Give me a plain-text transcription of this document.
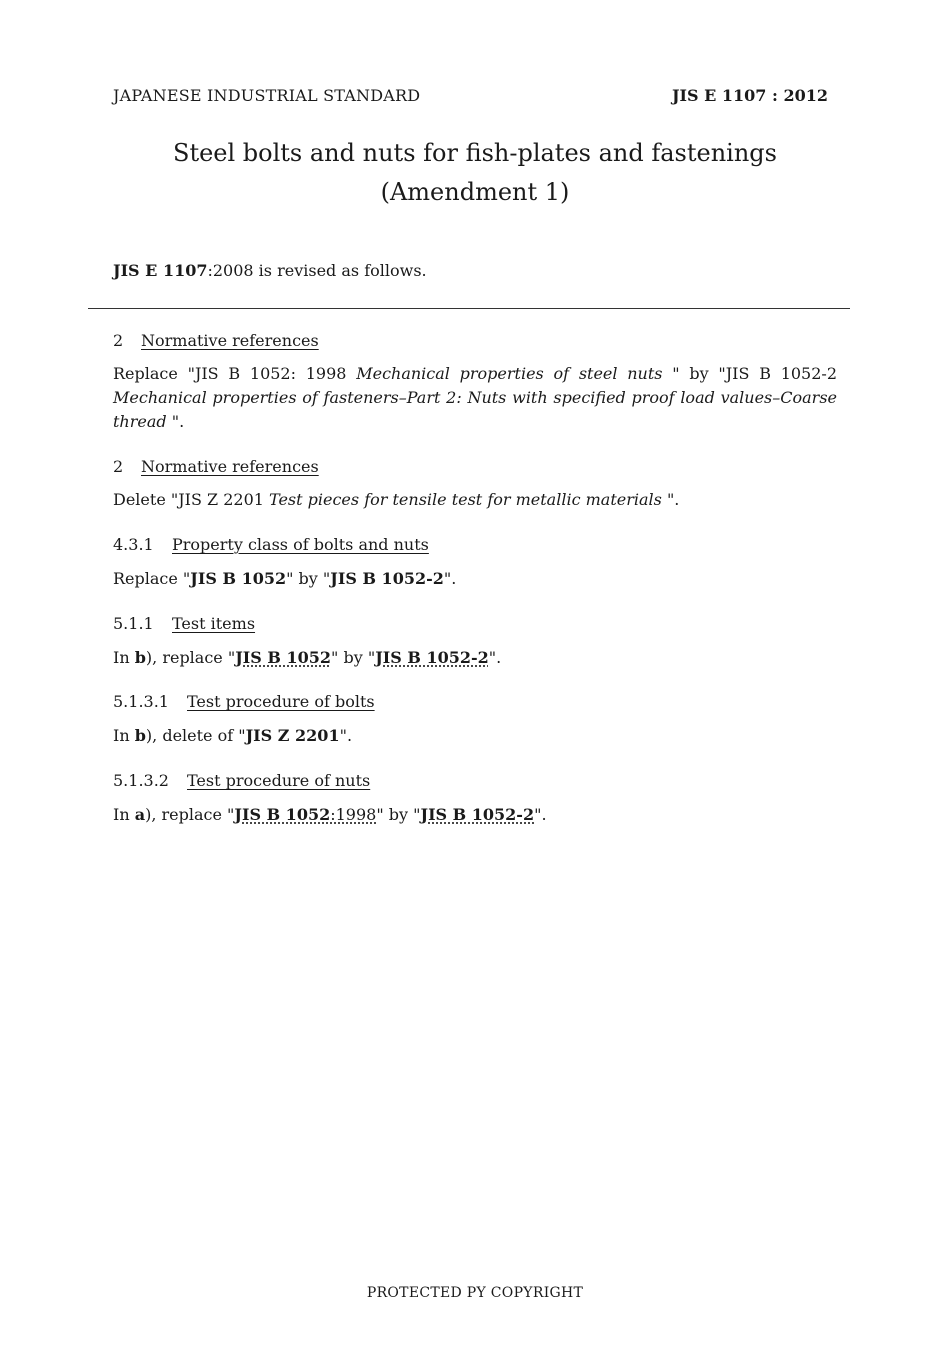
JAPANESE INDUSTRIAL STANDARD	JIS E 1107 : 2012
Steel bolts and nuts for fish-plates and fastenings
(Amendment 1)
JIS E 1107:2008 is revised as follows.
2 Normative references
Replace "JIS B 1052: 1998 Mechanical properties of steel nuts " by "JIS B 1052-2 Mechanical properties of fasteners–Part 2: Nuts with specified proof load values–Coarse thread ".
2 Normative references
Delete "JIS Z 2201 Test pieces for tensile test for metallic materials ".
4.3.1 Property class of bolts and nuts
Replace "JIS B 1052" by "JIS B 1052-2".
5.1.1 Test items
In b), replace "JIS B 1052" by "JIS B 1052-2".
5.1.3.1 Test procedure of bolts
In b), delete of "JIS Z 2201".
5.1.3.2 Test procedure of nuts
In a), replace "JIS B 1052:1998" by "JIS B 1052-2".
PROTECTED PY COPYRIGHT
